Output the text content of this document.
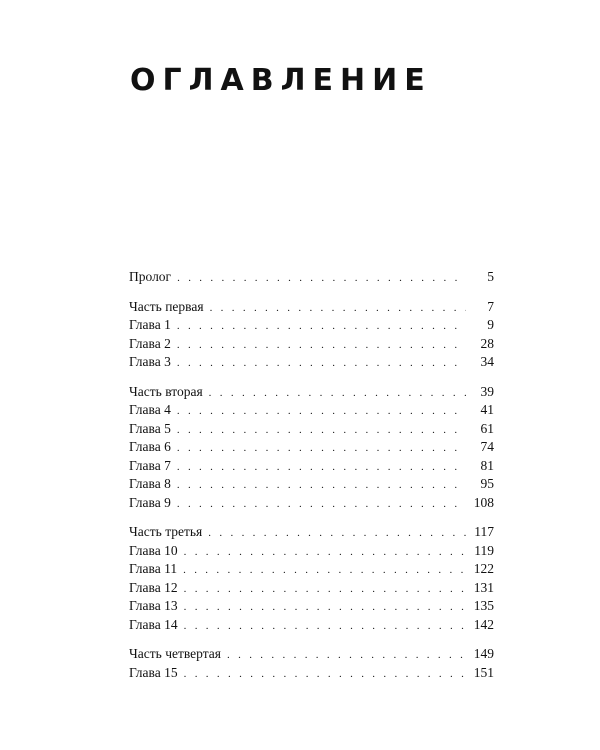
ОГЛАВЛЕНИЕ
Пролог . . .	5
Часть первая . . .	7
Глава 1 . . .	9
Глава 2 . . .	28
Глава 3 . . .	34
Часть вторая . . .	39
Глава 4 . . .	41
Глава 5 . . .	61
Глава 6 . . .	74
Глава 7 . . .	81
Глава 8 . . .	95
Глава 9 . . .	108
Часть третья . . .	117
Глава 10 . . .	119
Глава 11 . . .	122
Глава 12 . . .	131
Глава 13 . . .	135
Глава 14 . . .	142
Часть четвертая . . .	149
Глава 15 . . .	151
